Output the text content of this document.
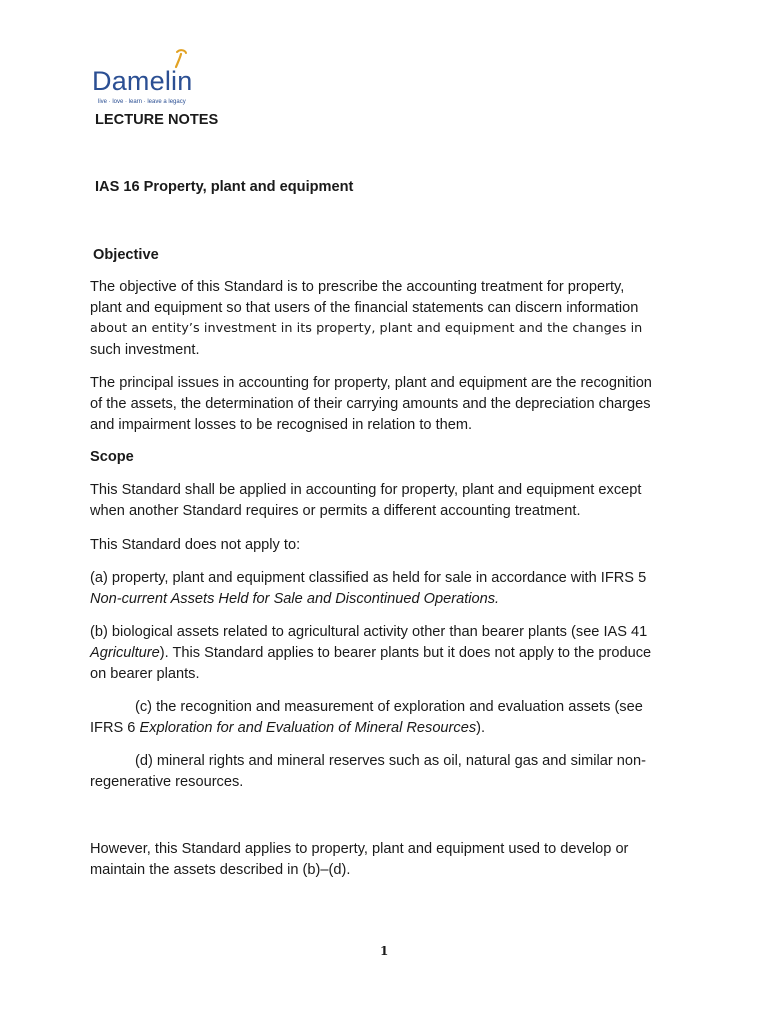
Damelin
live · love · learn · leave a legacy
LECTURE NOTES
IAS 16 Property, plant and equipment
Objective
The objective of this Standard is to prescribe the accounting treatment for property,
plant and equipment so that users of the financial statements can discern information
about an entity’s investment in its property, plant and equipment and the changes in
such investment.
The principal issues in accounting for property, plant and equipment are the recognition
of the assets, the determination of their carrying amounts and the depreciation charges
and impairment losses to be recognised in relation to them.
Scope
This Standard shall be applied in accounting for property, plant and equipment except
when another Standard requires or permits a different accounting treatment.
This Standard does not apply to:
(a) property, plant and equipment classified as held for sale in accordance with IFRS 5
Non-current Assets Held for Sale and Discontinued Operations.
(b) biological assets related to agricultural activity other than bearer plants (see IAS 41
Agriculture). This Standard applies to bearer plants but it does not apply to the produce
on bearer plants.
(c) the recognition and measurement of exploration and evaluation assets (see
IFRS 6 Exploration for and Evaluation of Mineral Resources).
(d) mineral rights and mineral reserves such as oil, natural gas and similar non-
regenerative resources.
However, this Standard applies to property, plant and equipment used to develop or
maintain the assets described in (b)–(d).
1
